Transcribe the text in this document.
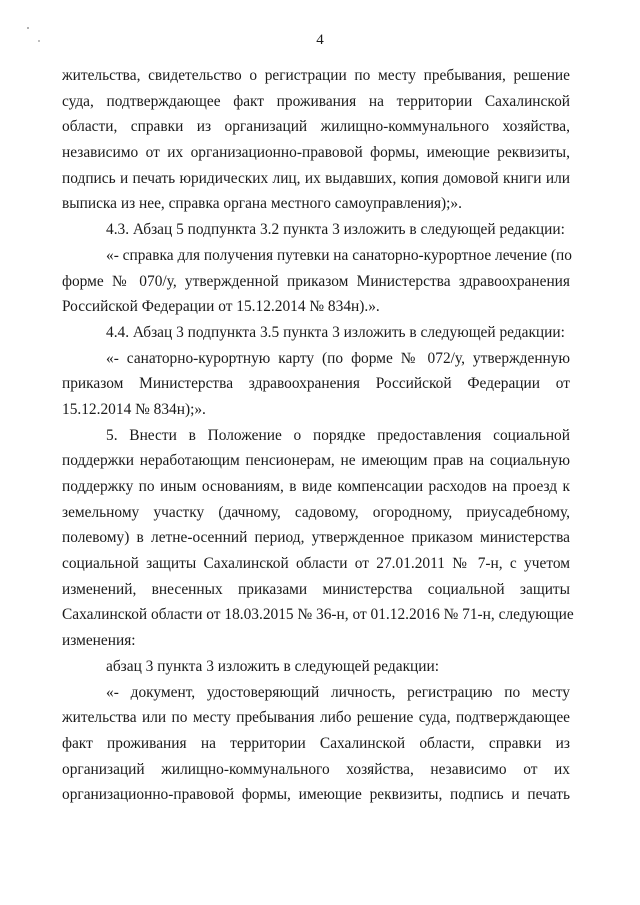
4
жительства, свидетельство о регистрации по месту пребывания, решение
суда, подтверждающее факт проживания на территории Сахалинской
области, справки из организаций жилищно-коммунального хозяйства,
независимо от их организационно-правовой формы, имеющие реквизиты,
подпись и печать юридических лиц, их выдавших, копия домовой книги или
выписка из нее, справка органа местного самоуправления);».
4.3. Абзац 5 подпункта 3.2 пункта 3 изложить в следующей редакции:
«- справка для получения путевки на санаторно-курортное лечение (по
форме № 070/у, утвержденной приказом Министерства здравоохранения
Российской Федерации от 15.12.2014 № 834н).».
4.4. Абзац 3 подпункта 3.5 пункта 3 изложить в следующей редакции:
«- санаторно-курортную карту (по форме № 072/у, утвержденную
приказом Министерства здравоохранения Российской Федерации от
15.12.2014 № 834н);».
5. Внести в Положение о порядке предоставления социальной
поддержки неработающим пенсионерам, не имеющим прав на социальную
поддержку по иным основаниям, в виде компенсации расходов на проезд к
земельному участку (дачному, садовому, огородному, приусадебному,
полевому) в летне-осенний период, утвержденное приказом министерства
социальной защиты Сахалинской области от 27.01.2011 № 7-н, с учетом
изменений, внесенных приказами министерства социальной защиты
Сахалинской области от 18.03.2015 № 36-н, от 01.12.2016 № 71-н, следующие
изменения:
абзац 3 пункта 3 изложить в следующей редакции:
«- документ, удостоверяющий личность, регистрацию по месту
жительства или по месту пребывания либо решение суда, подтверждающее
факт проживания на территории Сахалинской области, справки из
организаций жилищно-коммунального хозяйства, независимо от их
организационно-правовой формы, имеющие реквизиты, подпись и печать
